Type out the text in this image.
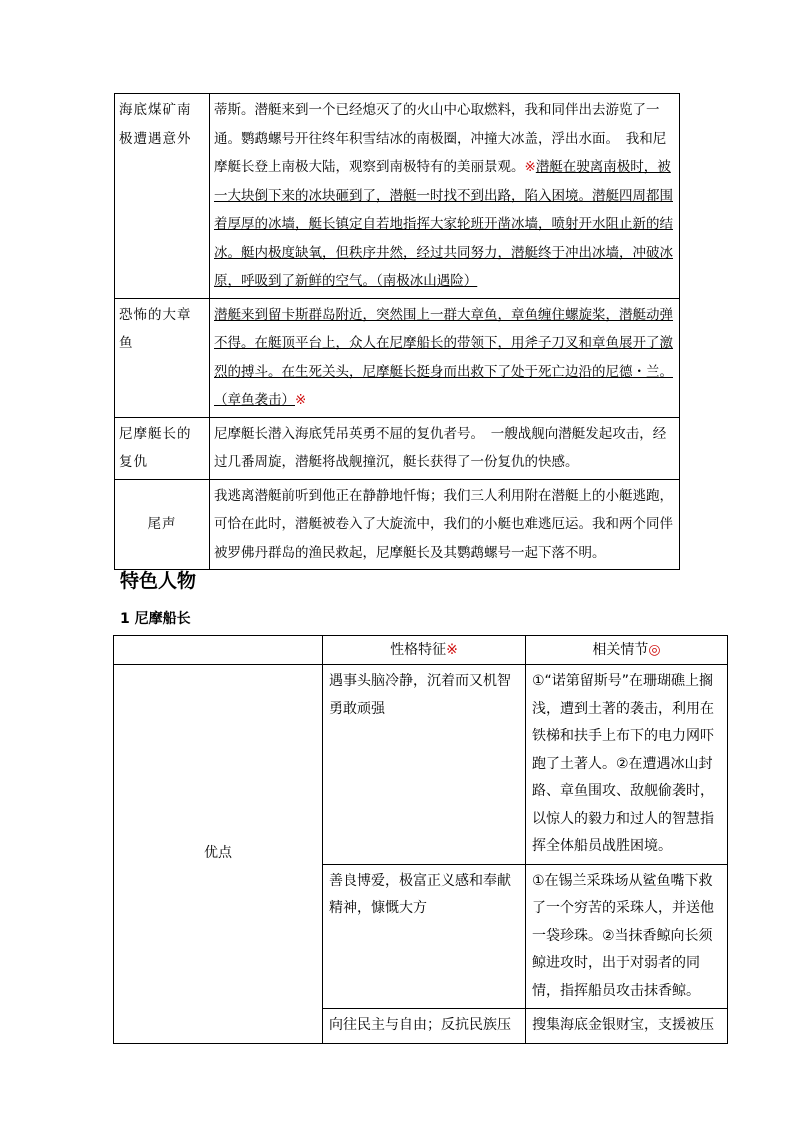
海底煤矿南极遭遇意外	蒂斯。潜艇来到一个已经熄灭了的火山中心取燃料，我和同伴出去游览了一通。鹦鹉螺号开往终年积雪结冰的南极圈，冲撞大冰盖，浮出水面。　我和尼摩艇长登上南极大陆，观察到南极特有的美丽景观。※潜艇在驶离南极时，被一大块倒下来的冰块砸到了，潜艇一时找不到出路，陷入困境。潜艇四周都围着厚厚的冰墙，艇长镇定自若地指挥大家轮班开凿冰墙，喷射开水阻止新的结冰。艇内极度缺氧，但秩序井然，经过共同努力，潜艇终于冲出冰墙，冲破冰原，呼吸到了新鲜的空气。（南极冰山遇险）
恐怖的大章鱼	潜艇来到留卡斯群岛附近，突然围上一群大章鱼，章鱼缠住螺旋桨，潜艇动弹不得。在艇顶平台上，众人在尼摩船长的带领下，用斧子刀叉和章鱼展开了激烈的搏斗。在生死关头，尼摩艇长挺身而出救下了处于死亡边沿的尼德・兰。（章鱼袭击）※
尼摩艇长的复仇	尼摩艇长潜入海底凭吊英勇不屈的复仇者号。　一艘战舰向潜艇发起攻击，经过几番周旋，潜艇将战舰撞沉，艇长获得了一份复仇的快感。
尾声	我逃离潜艇前听到他正在静静地忏悔；我们三人利用附在潜艇上的小艇逃跑，可恰在此时，潜艇被卷入了大旋流中，我们的小艇也难逃厄运。我和两个同伴被罗佛丹群岛的渔民救起，尼摩艇长及其鹦鹉螺号一起下落不明。
特色人物
1 尼摩船长
	性格特征※	相关情节◎
优点	遇事头脑冷静，沉着而又机智勇敢顽强	①“诺第留斯号”在珊瑚礁上搁浅，遭到土著的袭击，利用在铁梯和扶手上布下的电力网吓跑了土著人。②在遭遇冰山封路、章鱼围攻、敌舰偷袭时，以惊人的毅力和过人的智慧指挥全体船员战胜困境。
	善良博爱，极富正义感和奉献精神，慷慨大方	①在锡兰采珠场从鲨鱼嘴下救了一个穷苦的采珠人，并送他一袋珍珠。②当抹香鲸向长须鲸进攻时，出于对弱者的同情，指挥船员攻击抹香鲸。
	向往民主与自由；反抗民族压	搜集海底金银财宝，支援被压
